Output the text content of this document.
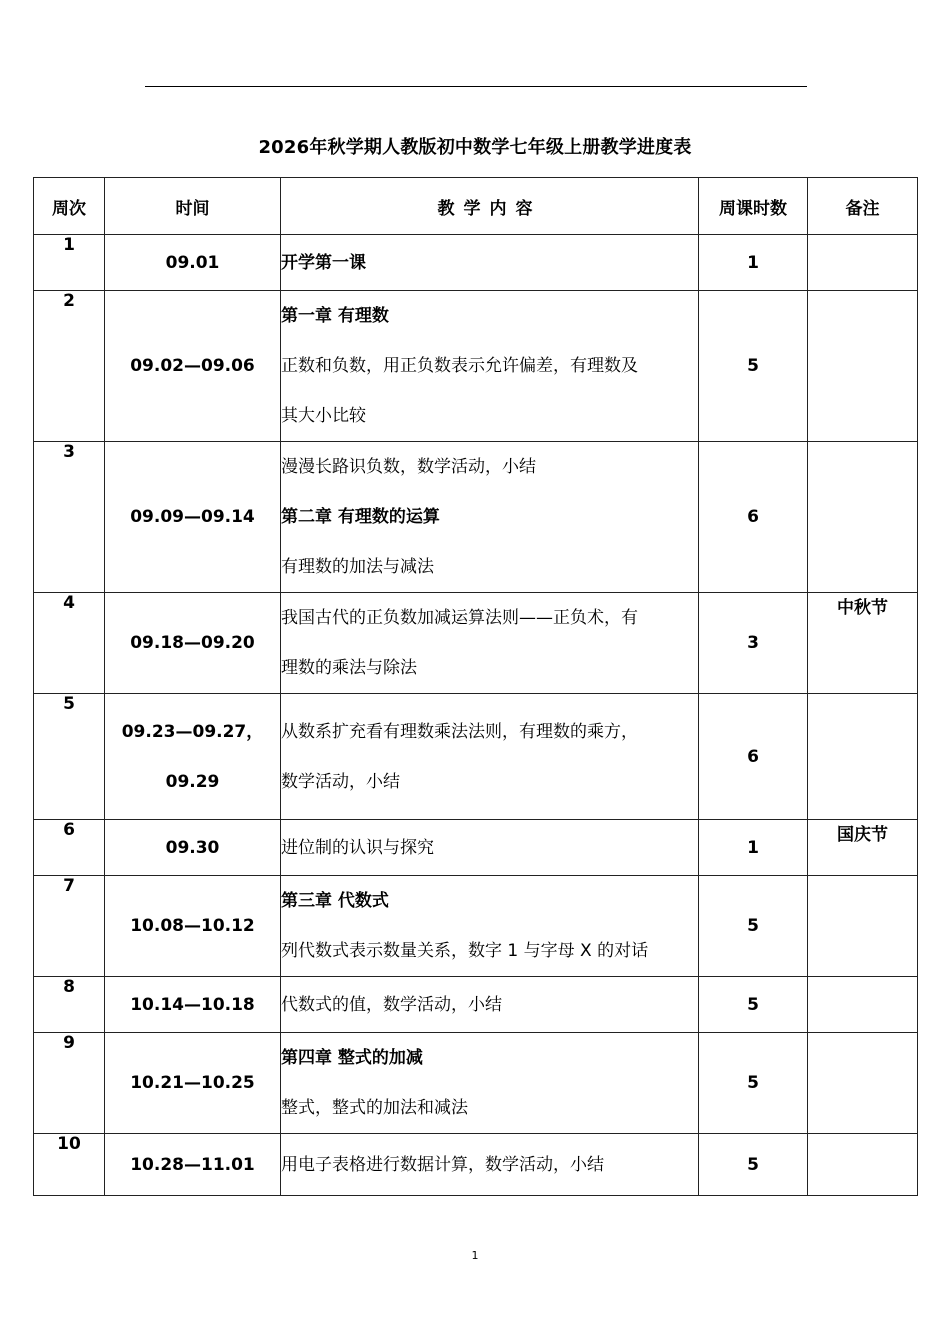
2026年秋学期人教版初中数学七年级上册教学进度表
周次	时间	教学内容	周课时数	备注
1	09.01	开学第一课	1	
2	09.02—09.06	第一章 有理数
正数和负数，用正负数表示允许偏差，有理数及
其大小比较	5	
3	09.09—09.14	漫漫长路识负数，数学活动，小结
第二章 有理数的运算
有理数的加法与减法	6	
4	09.18—09.20	我国古代的正负数加减运算法则——正负术，有
理数的乘法与除法	3	中秋节
5	09.23—09.27，
09.29	从数系扩充看有理数乘法法则，有理数的乘方，
数学活动，小结	6	
6	09.30	进位制的认识与探究	1	国庆节
7	10.08—10.12	第三章 代数式
列代数式表示数量关系，数字 1 与字母 X 的对话	5	
8	10.14—10.18	代数式的值，数学活动，小结	5	
9	10.21—10.25	第四章 整式的加减
整式，整式的加法和减法	5	
10	10.28—11.01	用电子表格进行数据计算，数学活动，小结	5	
1
